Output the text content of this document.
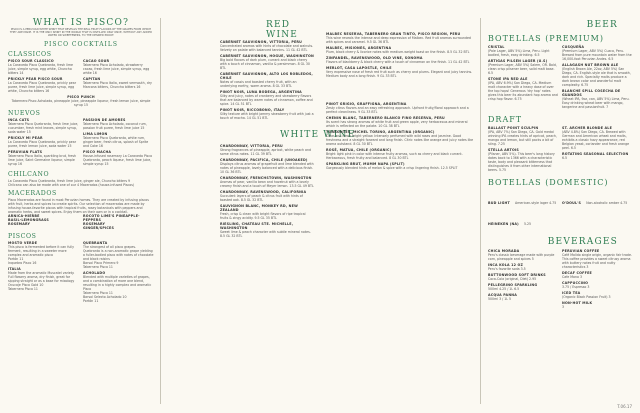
WHAT IS PISCO?
PISCO IS A PERUVIAN WHITE SPIRIT THAT REVEALS THE REAL FRUIT FLAVORS OF THE GRAPES FROM WHICH THEY ARE MADE. IT IS THE ONLY SPIRIT IN THE WORLD THAT IS DISTILLED ONLY ONCE, WITHOUT ANY ADDED WATER OR SWEETENERS, TO THE DESIRED PROOF.
PISCO COCKTAILS
CLASSICOS
PISCO SOUR CLASSICO
La Caravedo Pisco Quebranta, fresh lime juice, simple syrup, egg white, Chuncho bitters 14
PRICKLY PEAR PISCO SOUR
La Caravedo Pisco Quebranta, prickly pear puree, fresh lime juice, simple syrup, egg white, Chuncho bitters 16
CACAO SOUR
Tabernero Pisco Acholado, strawberry cacao, fresh lime juice, simple syrup, egg white 16
CAPITAN
Tabernero Pisco Italia, sweet vermouth, dry Marcona bitters, Chuncho bitters 16
PISCO PUNCH
Tabernero Pisco Acholado, pineapple juice, pineapple liqueur, fresh lemon juice, simple syrup 15
NUEVOS
INCA CATS
Tabernero Pisco Quebranta, fresh lime juice, cucumber, fresh mint leaves, simple syrup, soda water 15
PRICKLY MI PEAR
La Caravedo Pisco Quebranta, prickly pear puree, fresh lemon juice, soda water 15
PERUVIAN FLATS
Tabernero Pisco Italia, sparkling brut, fresh lime juice, Saint Germaine liqueur, simple syrup 16
PASSION DE AMORES
Tabernero Pisco Acholado, coconut rum, passion fruit puree, fresh lime juice 15
LIMA LIMON
Tabernero Pisco Quebranta, white rum, ginger beer, fresh citrus, splash of Sprite and Coke 16
PISCO MACHA
House-infused rosemary La Caravedo Pisco Quebranta, peach liqueur, fresh lime juice, simple syrup 15
CHILCANO
La Caravedo Pisco Quebranta, fresh lime juice, ginger ale, Chuncho bitters 9
Chilcano can also be made with one of our 4 Macerados (house-infused Piscos)
MACERADOS
Pisco Macerados are found in most Peruvian homes. They are created by infusing piscos with fruit, herbs and spices to create spirits. Our selection of macerados are made by infusing house-favorite piscos with tropical fruits, rosey botanicals with peppers and aromatic herbs, and sweet spices. Enjoy them on their own or in a cocktail.
ARNICA-HIERBE
BASIL-LEMONGRASS
ROSEMARY
ROCOTO LIME'S PINEAPPLE-PEPPERS
ROSEMARY
GINGER/SPICES
PISCOS
MOSTO VERDE
This pisco is fermented before it can fully ferment, resulting in a sweeter more complex and aromatic pisco
Portón 11
Inquebro Pisco 16
ITALIA
Made from the aromatic Muscatel variety. Full flowery aroma, dry finish, great for sipping straight or as a base for mixology
Ocucaje Pisco Gold 10
Tabernero Pisco 11
QUEBRANTA
The strongest of all pisco grapes. Quebranta is a non-aromatic grape yielding a fuller-bodied pisco with notes of chocolate and black raisins
Barsol Pisco Primero 9
Tabernero Pisco 11
ACHOLADO
Blended with multiple varieties of grapes, and a combination of more one blend, resulting in a highly complex and aromatic Pisco
Tabernero Pisco 11
Barsol Selecto Acholado 10
Portón 11
RED WINE
CABERNET SAUVIGNON, VITTORIA, PERU
Concentrated aromas with hints of chocolate and walnuts. Velvety on palate with balanced tannins. 11 GL 42 BTL
CABERNET SAUVIGNON, HOGUE, WASHINGTON
Big bold flavors of dark plum, currant and black cherry with a touch of cinnamon, vanilla & persimmon. 8 GL 30 BTL
CABERNET SAUVIGNON, ALTO LOS ROBLEDOS, CHILE
Notes of cassis and toasted cherry fruit, with an underlying earthy, warm aroma. 8 GL 33 BTL
PINOT NOIR, LUNA BODEGA, ARGENTINA
Silky and juicy, notes of cranberry and strawberry flavors that are balanced by warm notes of cinnamon, coffee and spice. 14 GL 51 BTL
PINOT NOIR, RICCOBONO, ITALY
Silky texture with bright jammy strawberry fruit with just a touch of mocha. 14 GL 51 BTL
WHITE WINE
CHARDONNAY, VITTORIA, PERU
Strong fragrances of pineapple, apricot, white peach and some citrus notes. 11 GL 39 BTL
CHARDONNAY, PACIFICA, CHILE (UNOAKED)
Displays citrus aromas of grapefruit and lime blended with notes of pineapple, lovely balanced with a delicious finish. 10 GL 36 BTL
CHARDONNAY, FRENCHSTOWN, WASHINGTON
Aromas of pear, vanilla bean and hazelnut with a lovely creamy finish and a touch of Meyer lemon. 13.5 GL 49 BTL
CHARDONNAY, RAVENSWOOD, CALIFORNIA
Succulent layers of peach & citrus fruit with hints of toasted oak. 8.5 GL 32 BTL
SAUVIGNON BLANC, MONKEY RD, NEW ZEALAND
Fresh, crisp & clean with bright flavors of ripe tropical fruits & zingy acidity. 9.5 GL 35 BTL
RIESLING, CHATEAU STE. MICHELLE, WASHINGTON
Sweet lime & peach character with subtle mineral notes. 8.5 GL 32 BTL
MALBEC RESERVA, TABERNERO GRAN TINTO, PISCO REGION, PERU
This wine reveals the intense and deep expression of Malbec. Red fruit aromas surrounded with spices and caramel. 9.5 GL 36 BTL
MALBEC, MISIONES, ARGENTINA
Plum, black cherry & licorice notes with medium-weight toast on the finish. 8.5 GL 32 BTL
ZINFANDEL, RAVENSWOOD, OLD VINE, SONOMA
Flavors of blackberry & black cherry with a touch of cinnamon on the finish. 11 GL 42 BTL
MERLOT, CASA LAPOSTLE, CHILE
Very expressive nose of fresh red fruit such as cherry and plums. Elegant and juicy tannins. Medium body and a long finish. 9 GL 33 BTL
PINOT GRIGIO, GRAFFIGNA, ARGENTINA
Zesty citrus flavors and an easy refreshing approach. Upfront fruity/floral approach and a perfect cleanliness. 9 GL 33 BTL
CHENIN BLANC, TABERNERO BLANCO FINO RESERVA, PERU
Its scent has strong aromas of white fruit and green apple, very herbaceous and mineral which is reflected on the palate. 10 GL 38 BTL
TORRONTÉS, MICHEL TORINO, ARGENTINA (ORGANIC)
Clear and clean bright yellow. Intensely perfumed with wild roses and jasmine. Good freshness and a straight forward and long finish. Citric notes like orange and juicy notes like aroma outstand. 8 GL 30 BTL
ROSÉ, MATUA, CHILE (ORGANIC)
Bright light pink in color with intense fruity aromas, such as cherry and black currant. Herbaceous, fresh fruity and balanced. 8 GL 30 BTL
SPARKLING BRUT, MUMM NAPA (SPLIT)
Gorgeously blended hints of melon & spice with a crisp lingering finish. 12.5 SPLIT
BEER
BOTELLAS (PREMIUM)
CRISTAL
(Pale Lager, ABV 5%) Lima, Peru. Light bodied, fresh, easy drinking. 6.5
ARTIGAS PILSEN LAGER (U.S)
(Premium Lager, ABV 5%) Salem, OR. Bold, clean crisp pilsener beer, solid malt base. 6.5
STONE IPA RED ALE
(IPA, ABV 6.9%) San Diego, CA. Medium malt character with a heavy dose of over the top hops! Generous 'dry hop' notes gives this beer its abundant hop aroma and crisp hop flavor. 6.75
CUSQUEÑA
(Premium Lager, ABV 5%) Cuzco, Peru. Brewed from pure mountain water from the 16,000-foot Peruvian Andes. 6.5
ALLAGASH NUT BROWN ALE
(English Brown Ale, 22oz, ABV 5%) San Diego, CA. English-style ale that is smooth, dark and rich. Specialty malts produce a dark brown color and wonderful malt complexity. 6.75
BLANCHE SPILL COSECHA DE GUANDOS
(Wheat IPA, 9oz, can, ABV 5%) Lima, Peru. Easy drinking wheat beer with mango, tangerine and passionfruit. 7
DRAFT
BALLAST POINT SCULPIN
(IPA, ABV 7%) San Diego, CA. Gold medal winning IPA creates hints of apricot, peach, mango and lemon, but still packs a bit of sting. 7.25
STELLA ARTOIS
(Pilsner, ABV 5%). This beer's long history dates back to 1366 with a characteristic taste, body and pleasant bitterness that distinguishes it from other international beers. 5.75
ST. ARCHER BLONDE ALE
(ABV 4.8%) San Diego, CA. Brewed with German and American wheat and malts, exhibits a classic hazy appearance, red Belgian yeast, coriander and fresh orange peel. 6.5
ROTATING SEASONAL SELECTION
6.5
BOTELLAS (DOMESTIC)
BUD LIGHT American-style lager 4.75
HEINEKEN (NA) 5.25
O'DOUL'S Non-alcoholic amber 4.75
BEVERAGES
CHICA MORADA
Peru's classic beverage made with purple corn, pineapple and spices 5
INCA KOLA 12 OZ
Peru's favorite soda 3.5
BUTTONWOOD SOFT DRINKS
Coca-Cola (original, Diet) 2.95
PELLEGRINO SPARKLING
500ml 4.25 / 1L 6.5
ACQUA PANNA
500ml 3 / 1L 5
PERUVIAN COFFEE
Café Molido single origin, organic fair trade. This coffee provides a sweet citrusy aroma with buttery notes fruit and nutty characteristics 3
DECAF COFFEE
Cafe Mono 3
CAPPUCCINO
3.75 / Espresso 3
ICED TEA
(Organic Black Passion Fruit) 3
NON-HOT MILK
3
T.06.17
